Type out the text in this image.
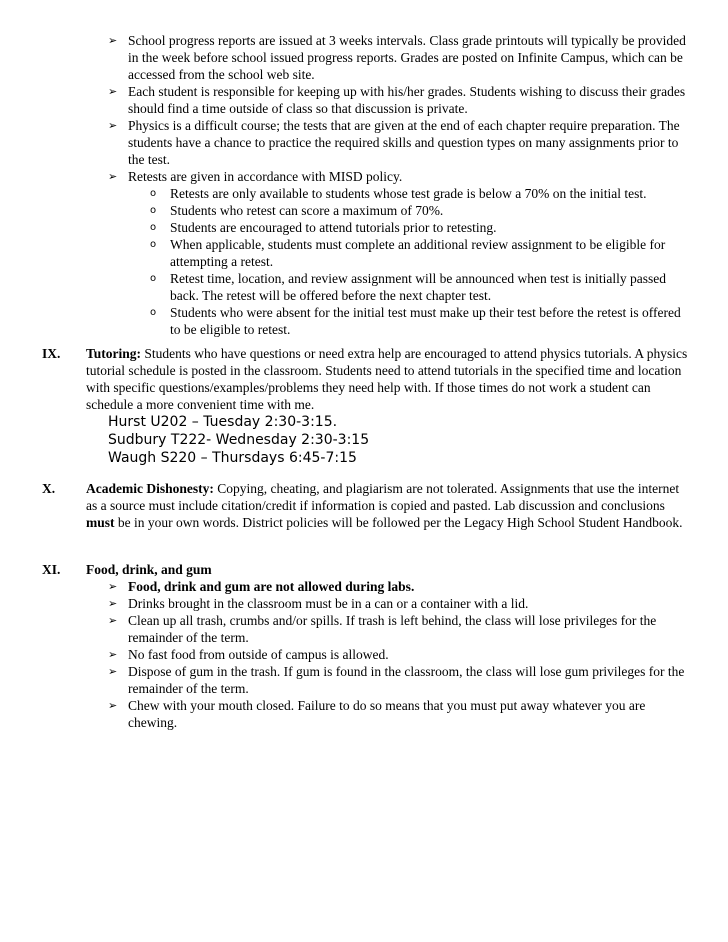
➢ School progress reports are issued at 3 weeks intervals. Class grade printouts will typically be provided in the week before school issued progress reports. Grades are posted on Infinite Campus, which can be accessed from the school web site.
➢ Each student is responsible for keeping up with his/her grades. Students wishing to discuss their grades should find a time outside of class so that discussion is private.
➢ Physics is a difficult course; the tests that are given at the end of each chapter require preparation. The students have a chance to practice the required skills and question types on many assignments prior to the test.
➢ Retests are given in accordance with MISD policy.
o Retests are only available to students whose test grade is below a 70% on the initial test.
o Students who retest can score a maximum of 70%.
o Students are encouraged to attend tutorials prior to retesting.
o When applicable, students must complete an additional review assignment to be eligible for attempting a retest.
o Retest time, location, and review assignment will be announced when test is initially passed back. The retest will be offered before the next chapter test.
o Students who were absent for the initial test must make up their test before the retest is offered to be eligible to retest.
IX. Tutoring: Students who have questions or need extra help are encouraged to attend physics tutorials. A physics tutorial schedule is posted in the classroom. Students need to attend tutorials in the specified time and location with specific questions/examples/problems they need help with. If those times do not work a student can schedule a more convenient time with me.
Hurst U202 – Tuesday 2:30-3:15.
Sudbury T222- Wednesday 2:30-3:15
Waugh S220 – Thursdays 6:45-7:15
X. Academic Dishonesty: Copying, cheating, and plagiarism are not tolerated. Assignments that use the internet as a source must include citation/credit if information is copied and pasted. Lab discussion and conclusions must be in your own words. District policies will be followed per the Legacy High School Student Handbook.
XI. Food, drink, and gum
➢ Food, drink and gum are not allowed during labs.
➢ Drinks brought in the classroom must be in a can or a container with a lid.
➢ Clean up all trash, crumbs and/or spills. If trash is left behind, the class will lose privileges for the remainder of the term.
➢ No fast food from outside of campus is allowed.
➢ Dispose of gum in the trash. If gum is found in the classroom, the class will lose gum privileges for the remainder of the term.
➢ Chew with your mouth closed. Failure to do so means that you must put away whatever you are chewing.
